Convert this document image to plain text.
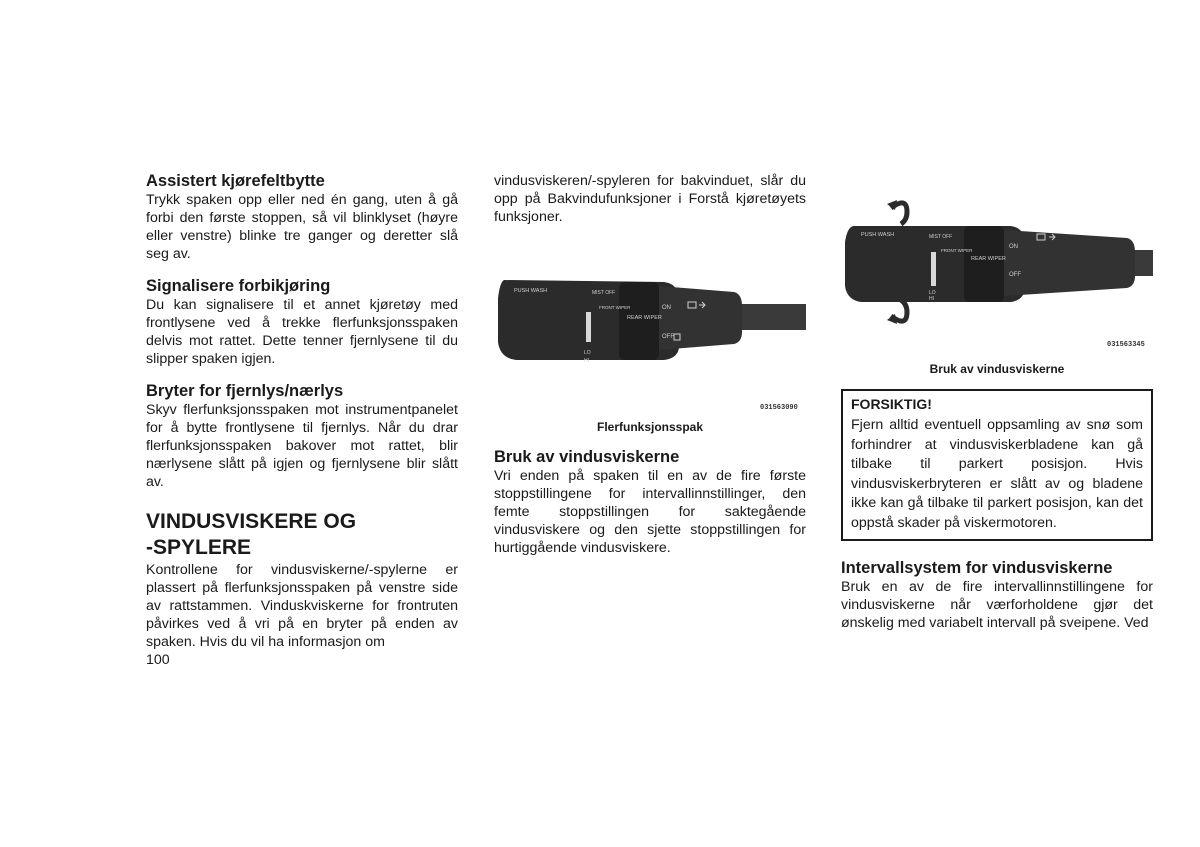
Assistert kjørefeltbytte

Trykk spaken opp eller ned én gang, uten å gå forbi den første stoppen, så vil blinklyset (høyre eller venstre) blinke tre ganger og deretter slå seg av.

Signalisere forbikjøring

Du kan signalisere til et annet kjøretøy med frontlysene ved å trekke flerfunksjonsspaken delvis mot rattet. Dette tenner fjernlysene til du slipper spaken igjen.

Bryter for fjernlys/nærlys

Skyv flerfunksjonsspaken mot instrumentpanelet for å bytte frontlysene til fjernlys. Når du drar flerfunksjonsspaken bakover mot rattet, blir nærlysene slått på igjen og fjernlysene blir slått av.

VINDUSVISKERE OG
-SPYLERE

Kontrollene for vindusviskerne/-spylerne er plassert på flerfunksjonsspaken på venstre side av rattstammen. Vinduskviskerne for frontruten påvirkes ved å vri på en bryter på enden av spaken. Hvis du vil ha informasjon om

100

vindusviskeren/-spyleren for bakvinduet, slår du opp på Bakvindufunksjoner i Forstå kjøretøyets funksjoner.

PUSH WASH	MIST OFF
FRONT WIPER
REAR WIPER
ON
OFF
LO
HI
031563090
Flerfunksjonsspak
Bruk av vindusviskerne

Vri enden på spaken til en av de fire første stoppstillingene for intervallinnstillinger, den femte stoppstillingen for saktegående vindusviskere og den sjette stoppstillingen for hurtiggående vindusviskere.

PUSH WASH	MIST OFF
FRONT WIPER
REAR WIPER
ON
OFF
LO
HI
031563345
Bruk av vindusviskerne
FORSIKTIG!

Fjern alltid eventuell oppsamling av snø som forhindrer at vindusviskerbladene kan gå tilbake til parkert posisjon. Hvis vindusviskerbryteren er slått av og bladene ikke kan gå tilbake til parkert posisjon, kan det oppstå skader på viskermotoren.

Intervallsystem for vindusviskerne

Bruk en av de fire intervallinnstillingene for vindusviskerne når værforholdene gjør det ønskelig med variabelt intervall på sveipene. Ved
